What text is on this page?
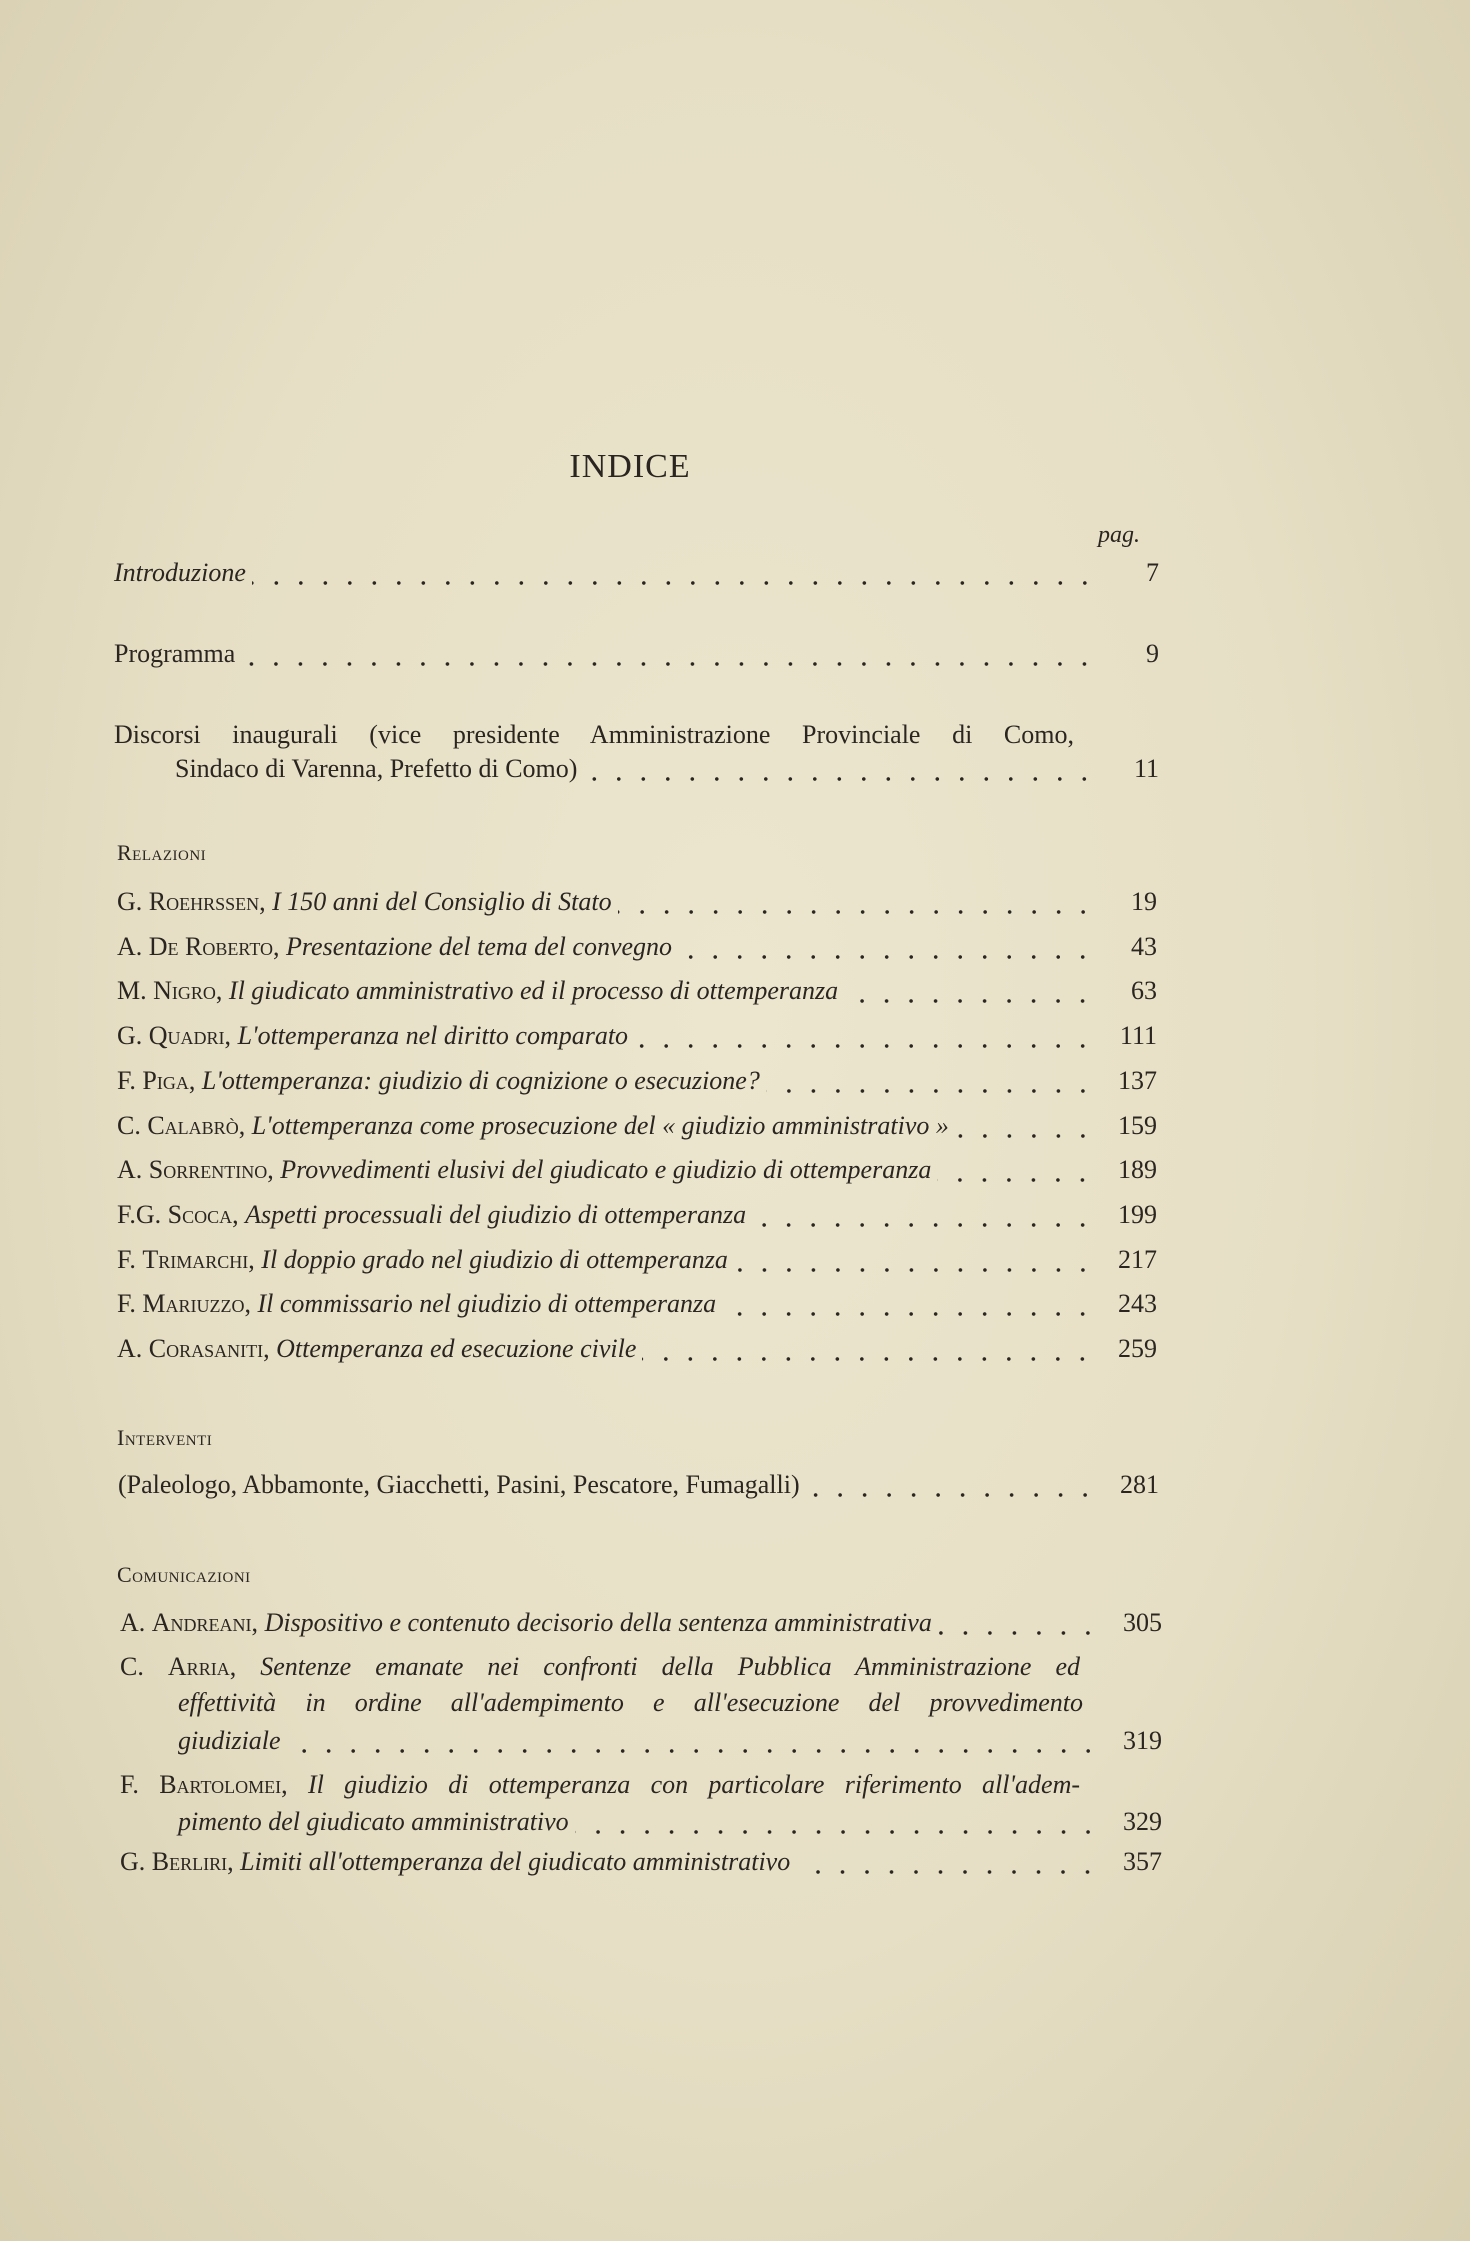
INDICE
pag.
Introduzione	7
Programma	9
Discorsi inaugurali (vice presidente Amministrazione Provinciale di Como,
Sindaco di Varenna, Prefetto di Como)	11
Relazioni
G. Roehrssen, I 150 anni del Consiglio di Stato	19
A. De Roberto, Presentazione del tema del convegno	43
M. Nigro, Il giudicato amministrativo ed il processo di ottemperanza	63
G. Quadri, L'ottemperanza nel diritto comparato	111
F. Piga, L'ottemperanza: giudizio di cognizione o esecuzione?	137
C. Calabrò, L'ottemperanza come prosecuzione del « giudizio amministrativo »	159
A. Sorrentino, Provvedimenti elusivi del giudicato e giudizio di ottemperanza	189
F.G. Scoca, Aspetti processuali del giudizio di ottemperanza	199
F. Trimarchi, Il doppio grado nel giudizio di ottemperanza	217
F. Mariuzzo, Il commissario nel giudizio di ottemperanza	243
A. Corasaniti, Ottemperanza ed esecuzione civile	259
Interventi
(Paleologo, Abbamonte, Giacchetti, Pasini, Pescatore, Fumagalli)	281
Comunicazioni
A. Andreani, Dispositivo e contenuto decisorio della sentenza amministrativa	305
C. Arria, Sentenze emanate nei confronti della Pubblica Amministrazione ed
effettività in ordine all'adempimento e all'esecuzione del provvedimento
giudiziale	319
F. Bartolomei, Il giudizio di ottemperanza con particolare riferimento all'adem-
pimento del giudicato amministrativo	329
G. Berliri, Limiti all'ottemperanza del giudicato amministrativo	357
